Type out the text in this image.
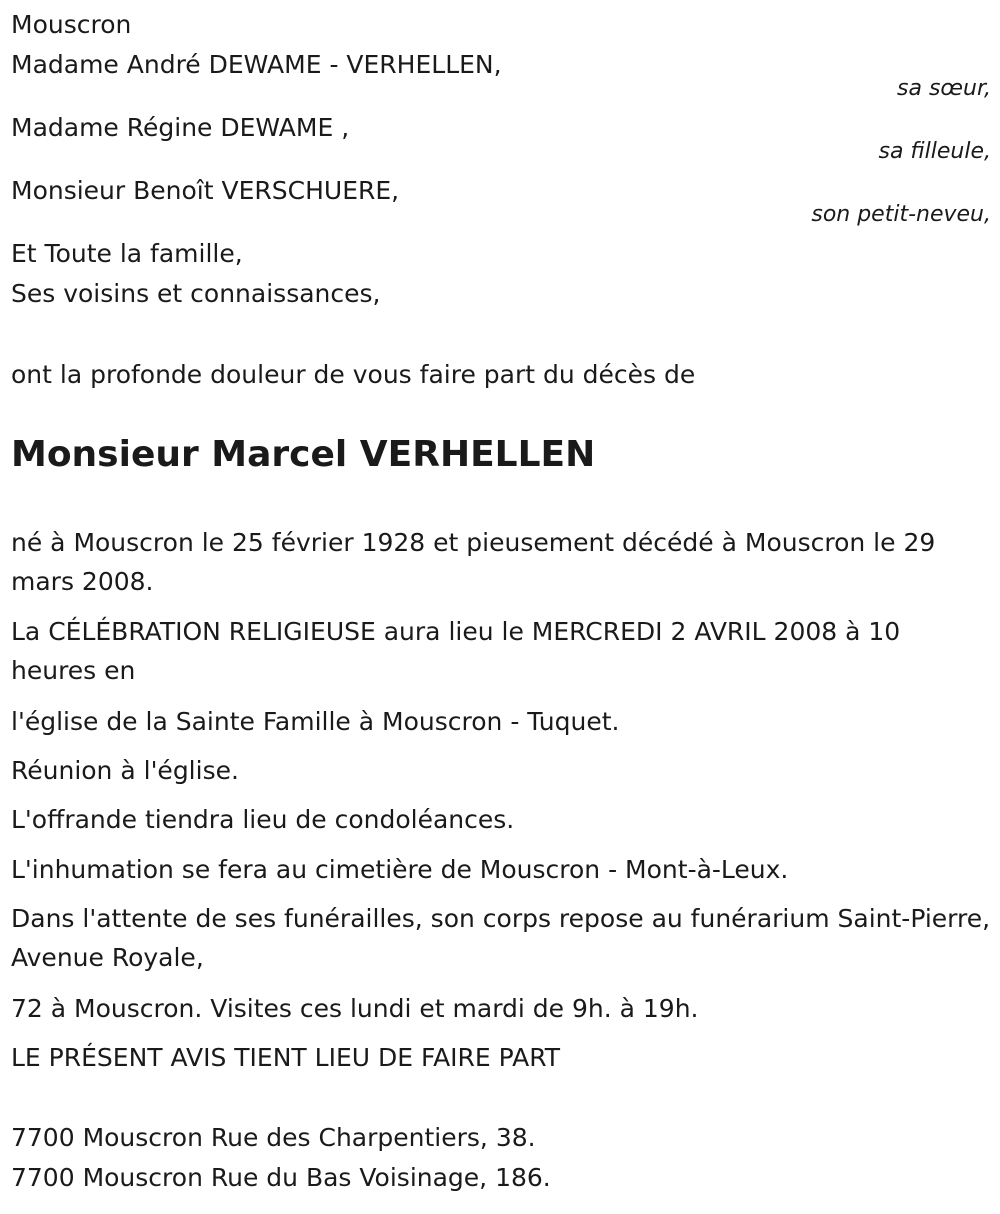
Mouscron
Madame André DEWAME - VERHELLEN,
sa sœur,
Madame Régine DEWAME ,
sa filleule,
Monsieur Benoît VERSCHUERE,
son petit-neveu,
Et Toute la famille,
Ses voisins et connaissances,
ont la profonde douleur de vous faire part du décès de
Monsieur Marcel VERHELLEN
né à Mouscron le 25 février 1928 et pieusement décédé à Mouscron le 29 mars 2008.
La CÉLÉBRATION RELIGIEUSE aura lieu le MERCREDI 2 AVRIL 2008 à 10 heures en
l'église de la Sainte Famille à Mouscron - Tuquet.
Réunion à l'église.
L'offrande tiendra lieu de condoléances.
L'inhumation se fera au cimetière de Mouscron - Mont-à-Leux.
Dans l'attente de ses funérailles, son corps repose au funérarium Saint-Pierre, Avenue Royale,
72 à Mouscron. Visites ces lundi et mardi de 9h. à 19h.
LE PRÉSENT AVIS TIENT LIEU DE FAIRE PART
7700 Mouscron Rue des Charpentiers, 38.
7700 Mouscron Rue du Bas Voisinage, 186.
